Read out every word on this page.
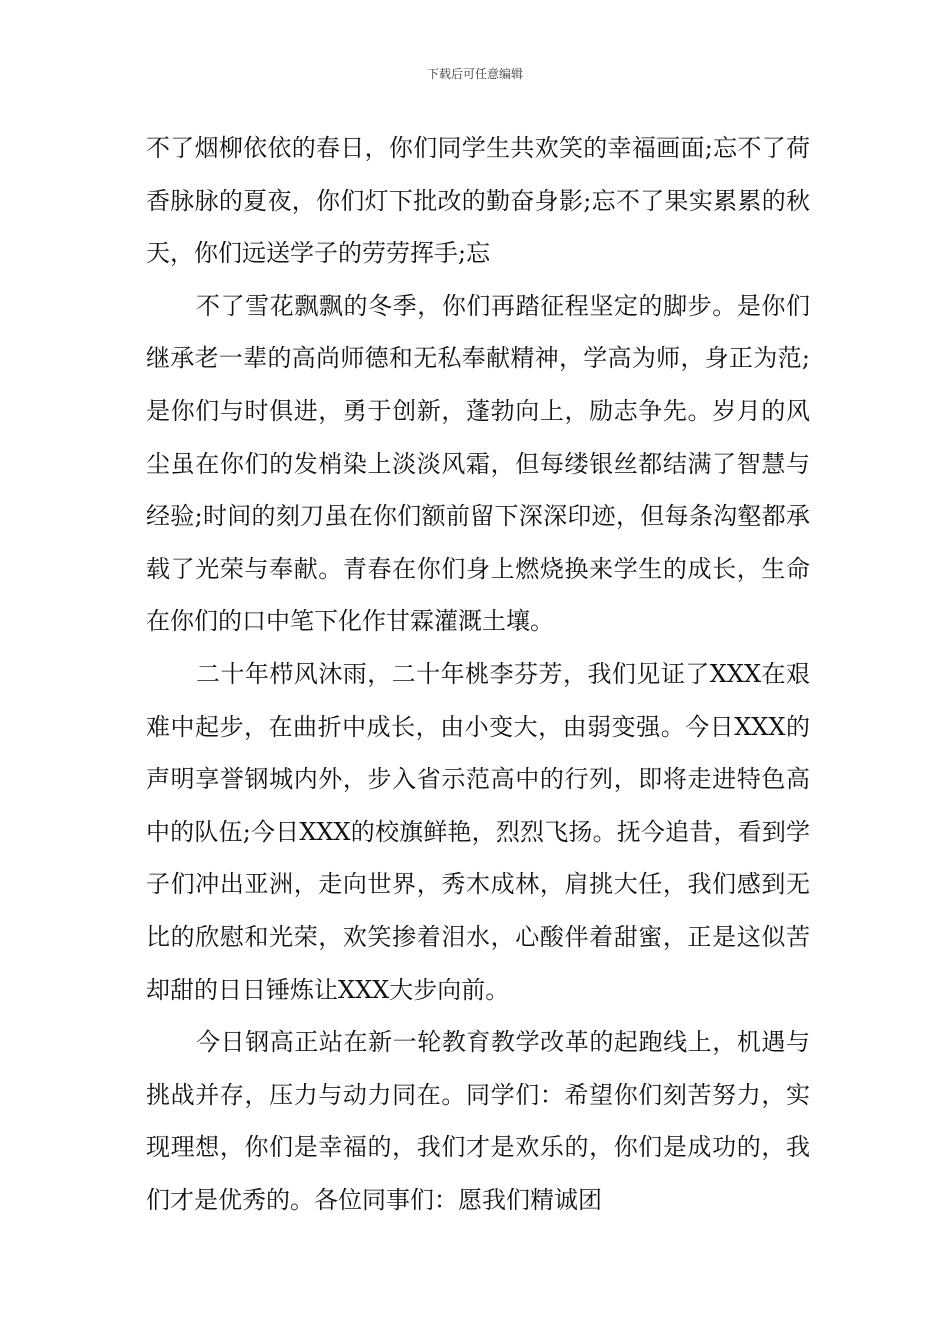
下载后可任意编辑

不了烟柳依依的春日，你们同学生共欢笑的幸福画面;忘不了荷香脉脉的夏夜，你们灯下批改的勤奋身影;忘不了果实累累的秋天，你们远送学子的劳劳挥手;忘

不了雪花飘飘的冬季，你们再踏征程坚定的脚步。是你们继承老一辈的高尚师德和无私奉献精神，学高为师，身正为范;是你们与时俱进，勇于创新，蓬勃向上，励志争先。岁月的风尘虽在你们的发梢染上淡淡风霜，但每缕银丝都结满了智慧与经验;时间的刻刀虽在你们额前留下深深印迹，但每条沟壑都承载了光荣与奉献。青春在你们身上燃烧换来学生的成长，生命在你们的口中笔下化作甘霖灌溉土壤。

二十年栉风沐雨，二十年桃李芬芳，我们见证了XXX在艰难中起步，在曲折中成长，由小变大，由弱变强。今日XXX的声明享誉钢城内外，步入省示范高中的行列，即将走进特色高中的队伍;今日XXX的校旗鲜艳，烈烈飞扬。抚今追昔，看到学子们冲出亚洲，走向世界，秀木成林，肩挑大任，我们感到无比的欣慰和光荣，欢笑掺着泪水，心酸伴着甜蜜，正是这似苦却甜的日日锤炼让XXX大步向前。

今日钢高正站在新一轮教育教学改革的起跑线上，机遇与挑战并存，压力与动力同在。同学们：希望你们刻苦努力，实现理想，你们是幸福的，我们才是欢乐的，你们是成功的，我们才是优秀的。各位同事们：愿我们精诚团
